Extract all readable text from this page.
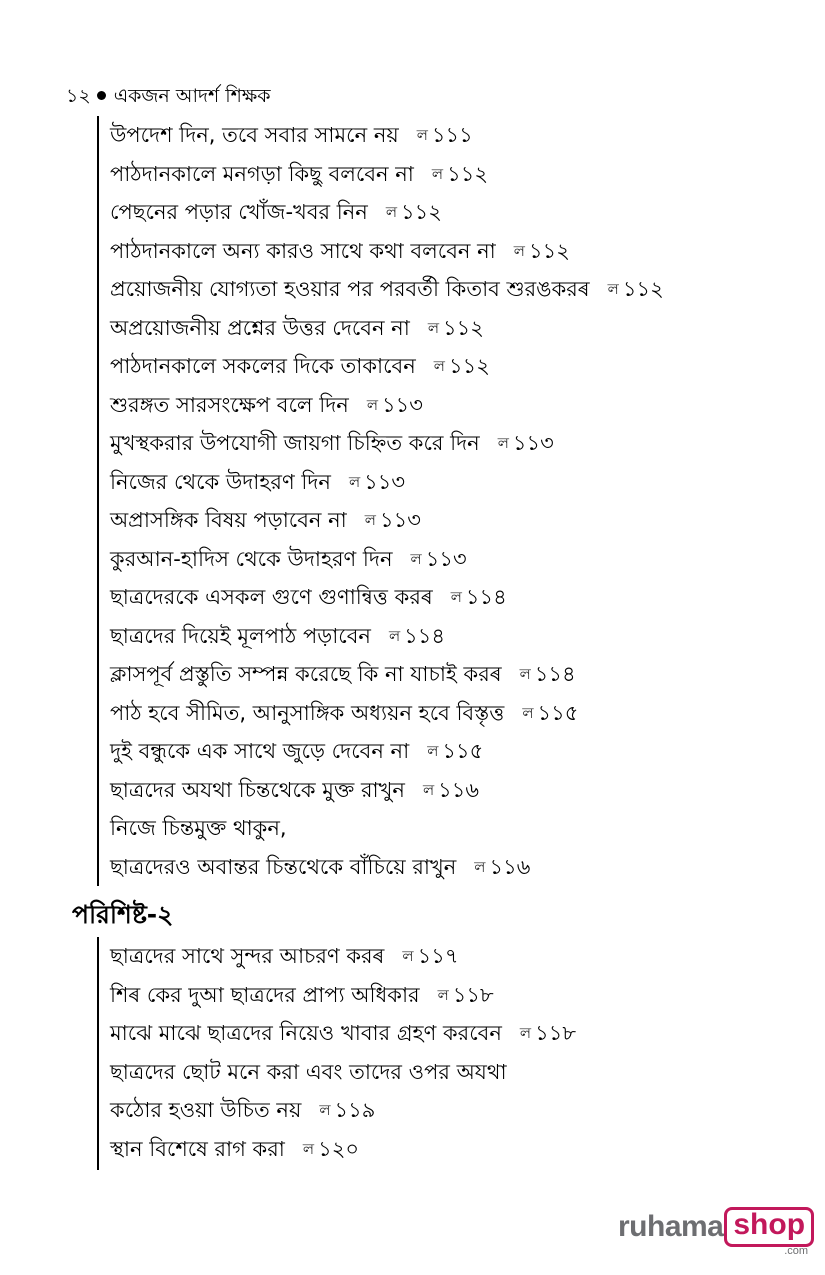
১২ একজন আদর্শ শিক্ষক
উপদেশ দিন, তবে সবার সামনে নয় ল ১১১
পাঠদানকালে মনগড়া কিছু বলবেন না ল ১১২
পেছনের পড়ার খোঁজ-খবর নিন ল ১১২
পাঠদানকালে অন্য কারও সাথে কথা বলবেন না ল ১১২
প্রয়োজনীয় যোগ্যতা হওয়ার পর পরবর্তী কিতাব শুরঙকরৰ ল ১১২
অপ্রয়োজনীয় প্রশ্নের উত্তর দেবেন না ল ১১২
পাঠদানকালে সকলের দিকে তাকাবেন ল ১১২
শুরঙ্গত সারসংক্ষেপ বলে দিন ল ১১৩
মুখস্থকরার উপযোগী জায়গা চিহ্নিত করে দিন ল ১১৩
নিজের থেকে উদাহরণ দিন ল ১১৩
অপ্রাসঙ্গিক বিষয় পড়াবেন না ল ১১৩
কুরআন-হাদিস থেকে উদাহরণ দিন ল ১১৩
ছাত্রদেরকে এসকল গুণে গুণান্বিত্ত করৰ ল ১১৪
ছাত্রদের দিয়েই মূলপাঠ পড়াবেন ল ১১৪
ক্লাসপূর্ব প্রস্তুতি সম্পন্ন করেছে কি না যাচাই করৰ ল ১১৪
পাঠ হবে সীমিত, আনুসাঙ্গিক অধ্যয়ন হবে বিস্তৃত্ত ল ১১৫
দুই বন্ধুকে এক সাথে জুড়ে দেবেন না ল ১১৫
ছাত্রদের অযথা চিন্তথেকে মুক্ত রাখুন ল ১১৬
নিজে চিন্তমুক্ত থাকুন,
ছাত্রদেরও অবান্তর চিন্তথেকে বাঁচিয়ে রাখুন ল ১১৬
পরিশিষ্ট-২
ছাত্রদের সাথে সুন্দর আচরণ করৰ ল ১১৭
শিৰ কের দুআ ছাত্রদের প্রাপ্য অধিকার ল ১১৮
মাঝে মাঝে ছাত্রদের নিয়েও খাবার গ্রহণ করবেন ল ১১৮
ছাত্রদের ছোট মনে করা এবং তাদের ওপর অযথা
কঠোর হওয়া উচিত নয় ল ১১৯
স্থান বিশেষে রাগ করা ল ১২০
ruhama shop
.com
